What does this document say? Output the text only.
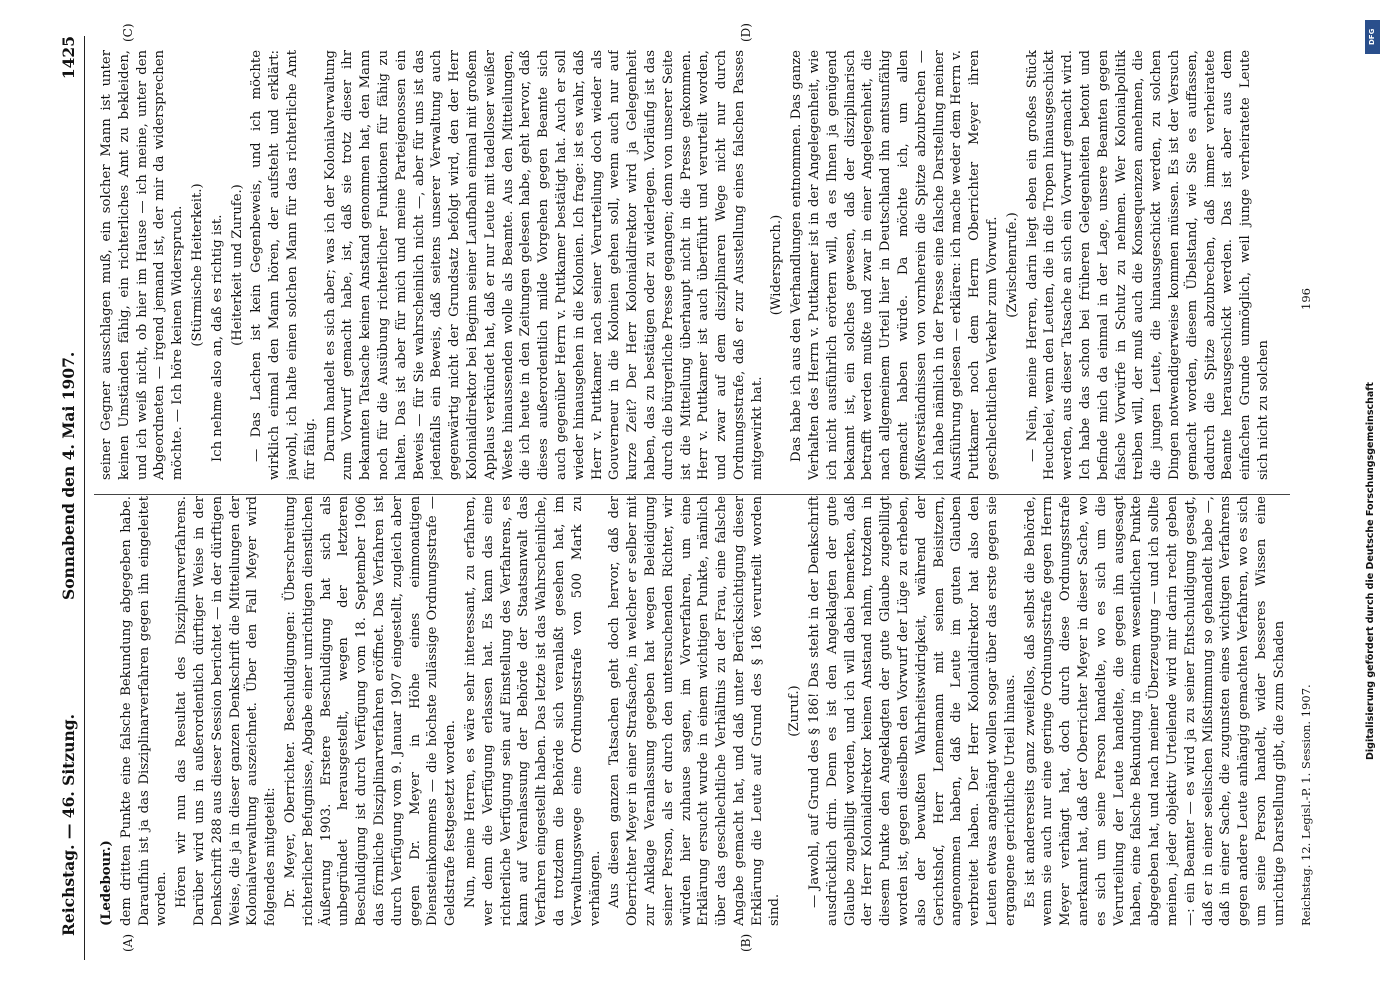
Reichstag. — 46. Sitzung.
Sonnabend den 4. Mai 1907.
1425
(A)	(B)
(C)	(D)

(Ledebour.) dem dritten Punkte eine falsche Bekundung abgegeben habe. Daraufhin ist ja das Disziplinarverfahren gegen ihn eingeleitet worden. Hören wir nun das Resultat des Disziplinarverfahrens. Darüber wird uns in außerordentlich dürftiger Weise in der Denkschrift 288 aus dieser Session berichtet — in der dürftigen Weise, die ja in dieser ganzen Denkschrift die Mitteilungen der Kolonialverwaltung auszeichnet. Über den Fall Meyer wird folgendes mitgeteilt: Dr. Meyer, Oberrichter. Beschuldigungen: Überschreitung richterlicher Befugnisse, Abgabe einer unrichtigen dienstlichen Äußerung 1903. Erstere Beschuldigung hat sich als unbegründet herausgestellt, wegen der letzteren Beschuldigung ist durch Verfügung vom 18. September 1906 das förmliche Disziplinarverfahren eröffnet. Das Verfahren ist durch Verfügung vom 9. Januar 1907 eingestellt, zugleich aber gegen Dr. Meyer in Höhe eines einmonatigen Diensteinkommens — die höchste zulässige Ordnungsstrafe — Geldstrafe festgesetzt worden. Nun, meine Herren, es wäre sehr interessant, zu erfahren, wer denn die Verfügung erlassen hat. Es kann das eine richterliche Verfügung sein auf Einstellung des Verfahrens, es kann auf Veranlassung der Behörde der Staatsanwalt das Verfahren eingestellt haben. Das letzte ist das Wahrscheinliche, da trotzdem die Behörde sich veranlaßt gesehen hat, im Verwaltungswege eine Ordnungsstrafe von 500 Mark zu verhängen. Aus diesen ganzen Tatsachen geht doch hervor, daß der Oberrichter Meyer in einer Strafsache, in welcher er selber mit zur Anklage Veranlassung gegeben hat wegen Beleidigung seiner Person, als er durch den untersuchenden Richter, wir würden hier zuhause sagen, im Vorverfahren, um eine Erklärung ersucht wurde in einem wichtigen Punkte, nämlich über das geschlechtliche Verhältnis zu der Frau, eine falsche Angabe gemacht hat, und daß unter Berücksichtigung dieser Erklärung die Leute auf Grund des § 186 verurteilt worden sind.

(Zuruf.) — Jawohl, auf Grund des § 186! Das steht in der Denkschrift ausdrücklich drin. Denn es ist den Angeklagten der gute Glaube zugebilligt worden, und ich will dabei bemerken, daß der Herr Kolonialdirektor keinen Anstand nahm, trotzdem in diesem Punkte den Angeklagten der gute Glaube zugebilligt worden ist, gegen dieselben den Vorwurf der Lüge zu erheben, also der bewußten Wahrheitswidrigkeit, während der Gerichtshof, Herr Lennemann mit seinen Beisitzern, angenommen haben, daß die Leute im guten Glauben verbreitet haben. Der Herr Kolonialdirektor hat also den Leuten etwas angehängt wollen sogar über das erste gegen sie ergangene gerichtliche Urteil hinaus. Es ist andererseits ganz zweifellos, daß selbst die Behörde, wenn sie auch nur eine geringe Ordnungsstrafe gegen Herrn Meyer verhängt hat, doch durch diese Ordnungsstrafe anerkannt hat, daß der Oberrichter Meyer in dieser Sache, wo es sich um seine Person handelte, wo es sich um die Verurteilung der Leute handelte, die gegen ihn ausgesagt haben, eine falsche Bekundung in einem wesentlichen Punkte abgegeben hat, und nach meiner Überzeugung — und ich sollte meinen, jeder objektiv Urteilende wird mir darin recht geben —: ein Beamter — es wird ja zu seiner Entschuldigung gesagt, daß er in einer seelischen Mißstimmung so gehandelt habe —, daß in einer Sache, die zugunsten eines wichtigen Verfahrens gegen andere Leute anhängig gemachten Verfahren, wo es sich um seine Person handelt, wider besseres Wissen eine unrichtige Darstellung gibt, die zum Schaden

seiner Gegner ausschlagen muß, ein solcher Mann ist unter keinen Umständen fähig, ein richterliches Amt zu bekleiden, und ich weiß nicht, ob hier im Hause — ich meine, unter den Abgeordneten — irgend jemand ist, der mir da widersprechen möchte. — Ich höre keinen Widerspruch. (Stürmische Heiterkeit.) Ich nehme also an, daß es richtig ist. (Heiterkeit und Zurufe.) — Das Lachen ist kein Gegenbeweis, und ich möchte wirklich einmal den Mann hören, der aufsteht und erklärt: jawohl, ich halte einen solchen Mann für das richterliche Amt für fähig. Darum handelt es sich aber; was ich der Kolonialverwaltung zum Vorwurf gemacht habe, ist, daß sie trotz dieser ihr bekannten Tatsache keinen Anstand genommen hat, den Mann noch für die Ausübung richterlicher Funktionen für fähig zu halten. Das ist aber für mich und meine Parteigenossen ein Beweis — für Sie wahrscheinlich nicht —, aber für uns ist das jedenfalls ein Beweis, daß seitens unserer Verwaltung auch gegenwärtig nicht der Grundsatz befolgt wird, den der Herr Kolonialdirektor bei Beginn seiner Laufbahn einmal mit großem Applaus verkündet hat, daß er nur Leute mit tadelloser weißer Weste hinaussenden wolle als Beamte. Aus den Mitteilungen, die ich heute in den Zeitungen gelesen habe, geht hervor, daß dieses außerordentlich milde Vorgehen gegen Beamte sich auch gegenüber Herrn v. Puttkamer bestätigt hat. Auch er soll wieder hinausgehen in die Kolonien. Ich frage: ist es wahr, daß Herr v. Puttkamer nach seiner Verurteilung doch wieder als Gouverneur in die Kolonien gehen soll, wenn auch nur auf kurze Zeit? Der Herr Kolonialdirektor wird ja Gelegenheit haben, das zu bestätigen oder zu widerlegen. Vorläufig ist das durch die bürgerliche Presse gegangen; denn von unserer Seite ist die Mitteilung überhaupt nicht in die Presse gekommen. Herr v. Puttkamer ist auch überführt und verurteilt worden, und zwar auf dem disziplinaren Wege nicht nur durch Ordnungsstrafe, daß er zur Ausstellung eines falschen Passes mitgewirkt hat.

(Widerspruch.) Das habe ich aus den Verhandlungen entnommen. Das ganze Verhalten des Herrn v. Puttkamer ist in der Angelegenheit, wie ich nicht ausführlich erörtern will, da es Ihnen ja genügend bekannt ist, ein solches gewesen, daß der disziplinarisch betrafft werden mußte und zwar in einer Angelegenheit, die nach allgemeinem Urteil hier in Deutschland ihn amtsunfähig gemacht haben würde. Da möchte ich, um allen Mißverständnissen von vornherein die Spitze abzubrechen — ich habe nämlich in der Presse eine falsche Darstellung meiner Ausführung gelesen — erklären: ich mache weder dem Herrn v. Puttkamer noch dem Herrn Oberrichter Meyer ihren geschlechtlichen Verkehr zum Vorwurf. (Zwischenrufe.) — Nein, meine Herren, darin liegt eben ein großes Stück Heuchelei, wenn den Leuten, die in die Tropen hinausgeschickt werden, aus dieser Tatsache an sich ein Vorwurf gemacht wird. Ich habe das schon bei früheren Gelegenheiten betont und befinde mich da einmal in der Lage, unsere Beamten gegen falsche Vorwürfe in Schutz zu nehmen. Wer Kolonialpolitik treiben will, der muß auch die Konsequenzen annehmen, die die jungen Leute, die hinausgeschickt werden, zu solchen Dingen notwendigerweise kommen müssen. Es ist der Versuch gemacht worden, diesem Übelstand, wie Sie es auffassen, dadurch die Spitze abzubrechen, daß immer verheiratete Beamte herausgeschickt werden. Das ist aber aus dem einfachen Grunde unmöglich, weil junge verheiratete Leute sich nicht zu solchen

Reichstag. 12. Legisl.-P. 1. Session. 1907.
196
DFG
Digitalisierung gefördert durch die Deutsche Forschungsgemeinschaft
